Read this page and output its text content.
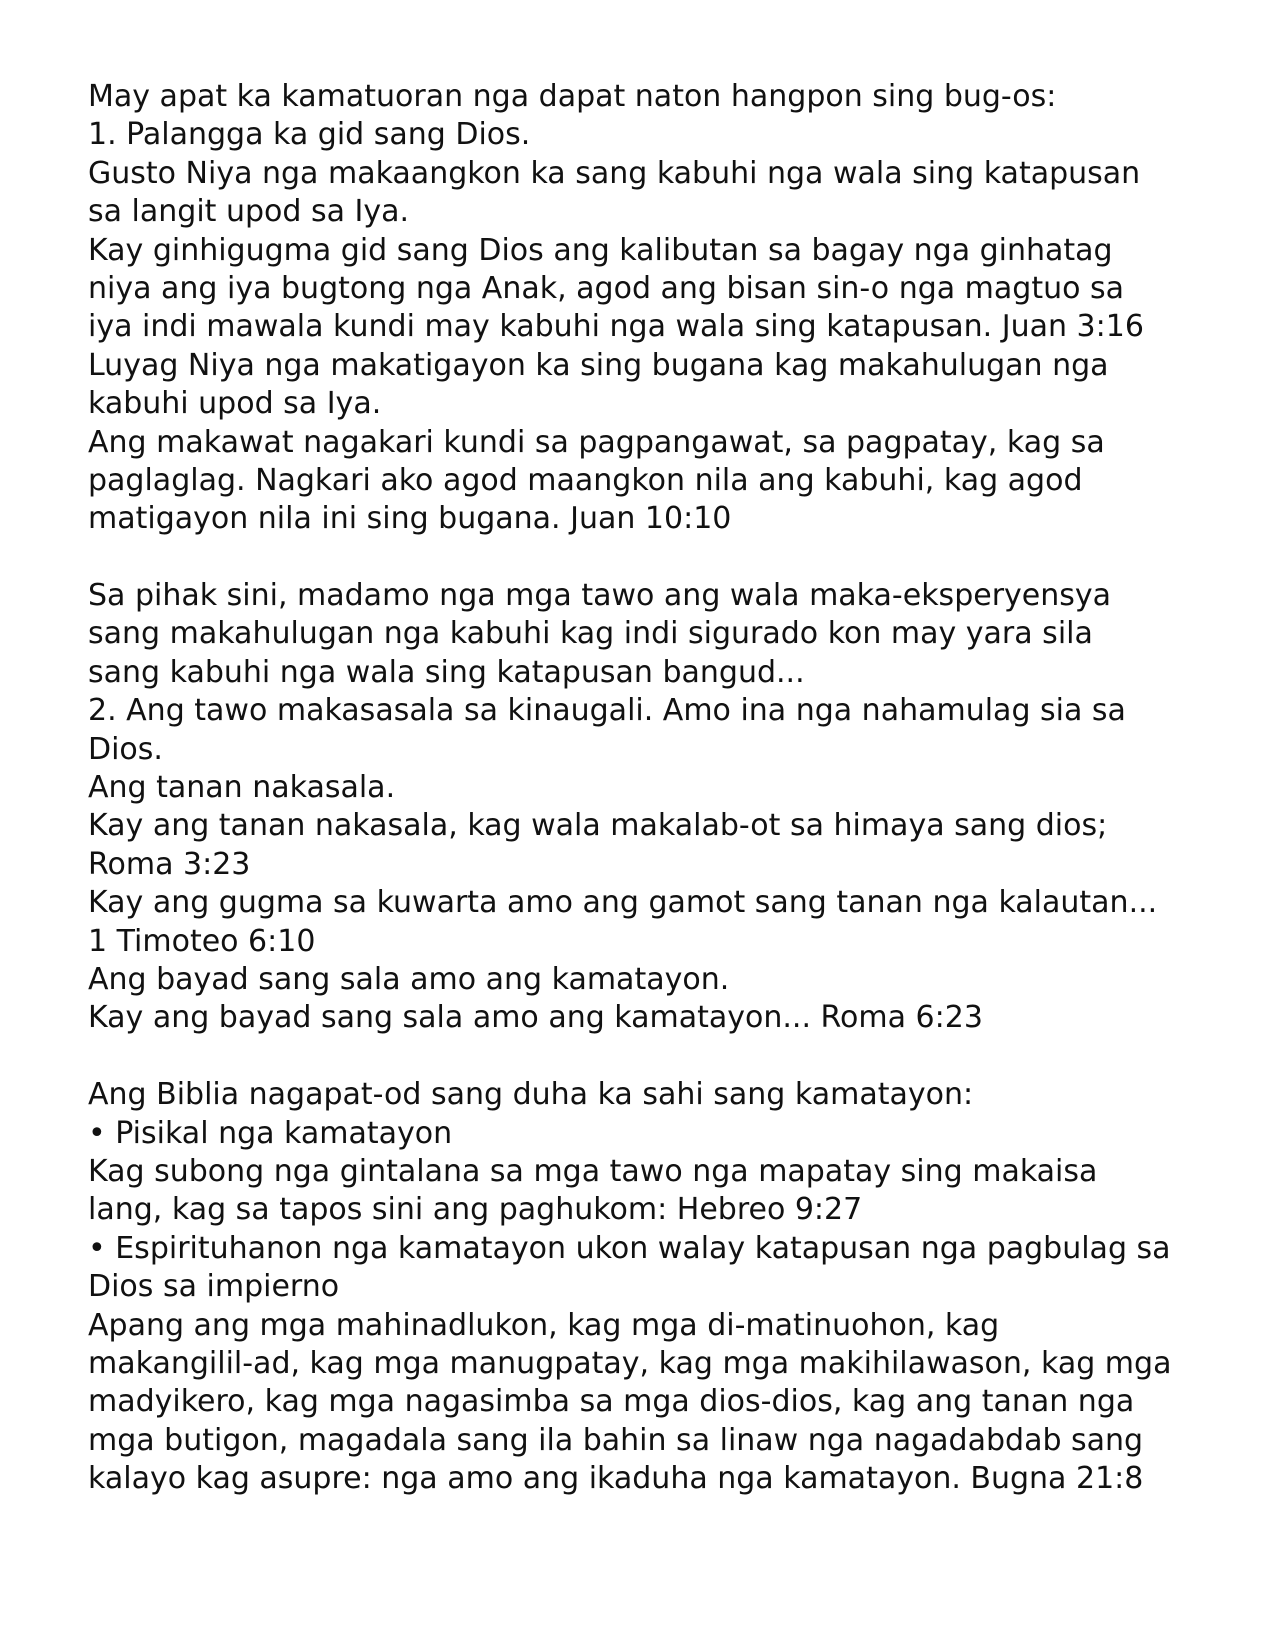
May apat ka kamatuoran nga dapat naton hangpon sing bug-os:
1. Palangga ka gid sang Dios.
Gusto Niya nga makaangkon ka sang kabuhi nga wala sing katapusan
sa langit upod sa Iya.
Kay ginhigugma gid sang Dios ang kalibutan sa bagay nga ginhatag
niya ang iya bugtong nga Anak, agod ang bisan sin-o nga magtuo sa
iya indi mawala kundi may kabuhi nga wala sing katapusan. Juan 3:16
Luyag Niya nga makatigayon ka sing bugana kag makahulugan nga
kabuhi upod sa Iya.
Ang makawat nagakari kundi sa pagpangawat, sa pagpatay, kag sa
paglaglag. Nagkari ako agod maangkon nila ang kabuhi, kag agod
matigayon nila ini sing bugana. Juan 10:10
Sa pihak sini, madamo nga mga tawo ang wala maka-eksperyensya
sang makahulugan nga kabuhi kag indi sigurado kon may yara sila
sang kabuhi nga wala sing katapusan bangud...
2. Ang tawo makasasala sa kinaugali. Amo ina nga nahamulag sia sa
Dios.
Ang tanan nakasala.
Kay ang tanan nakasala, kag wala makalab-ot sa himaya sang dios;
Roma 3:23
Kay ang gugma sa kuwarta amo ang gamot sang tanan nga kalautan...
1 Timoteo 6:10
Ang bayad sang sala amo ang kamatayon.
Kay ang bayad sang sala amo ang kamatayon... Roma 6:23
Ang Biblia nagapat-od sang duha ka sahi sang kamatayon:
• Pisikal nga kamatayon
Kag subong nga gintalana sa mga tawo nga mapatay sing makaisa
lang, kag sa tapos sini ang paghukom: Hebreo 9:27
• Espirituhanon nga kamatayon ukon walay katapusan nga pagbulag sa
Dios sa impierno
Apang ang mga mahinadlukon, kag mga di-matinuohon, kag
makangilil-ad, kag mga manugpatay, kag mga makihilawason, kag mga
madyikero, kag mga nagasimba sa mga dios-dios, kag ang tanan nga
mga butigon, magadala sang ila bahin sa linaw nga nagadabdab sang
kalayo kag asupre: nga amo ang ikaduha nga kamatayon. Bugna 21:8
